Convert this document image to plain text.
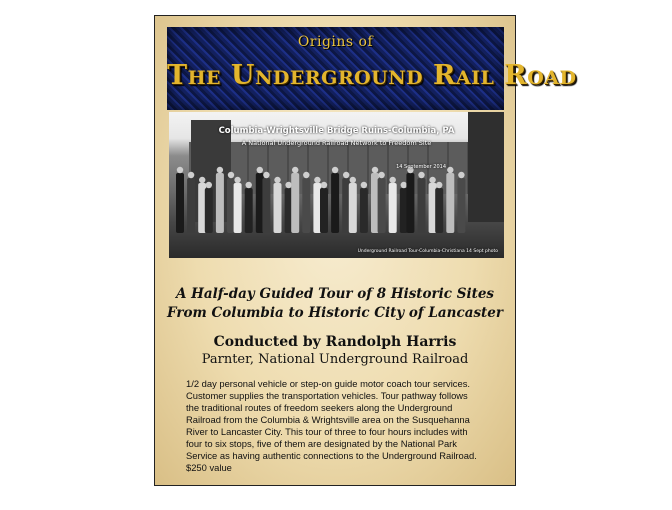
Origins of
The Underground Rail Road
Columbia-Wrightsville Bridge Ruins-Columbia, PA
A National Underground Railroad Network to Freedom Site
14 September 2014
Underground Railroad Tour-Columbia-Christiana 14 Sept photo
A Half-day Guided Tour of 8 Historic Sites
From Columbia to Historic City of Lancaster
Conducted by Randolph Harris
Parnter, National Underground Railroad
1/2 day personal vehicle or step-on guide motor coach tour services.
Customer supplies the transportation vehicles. Tour pathway follows
the traditional routes of freedom seekers along the Underground
Railroad from the Columbia & Wrightsville area on the Susquehanna
River to Lancaster City. This tour of three to four hours includes with
four to six stops, five of them are designated by the National Park
Service as having authentic connections to the Underground Railroad.
$250 value
